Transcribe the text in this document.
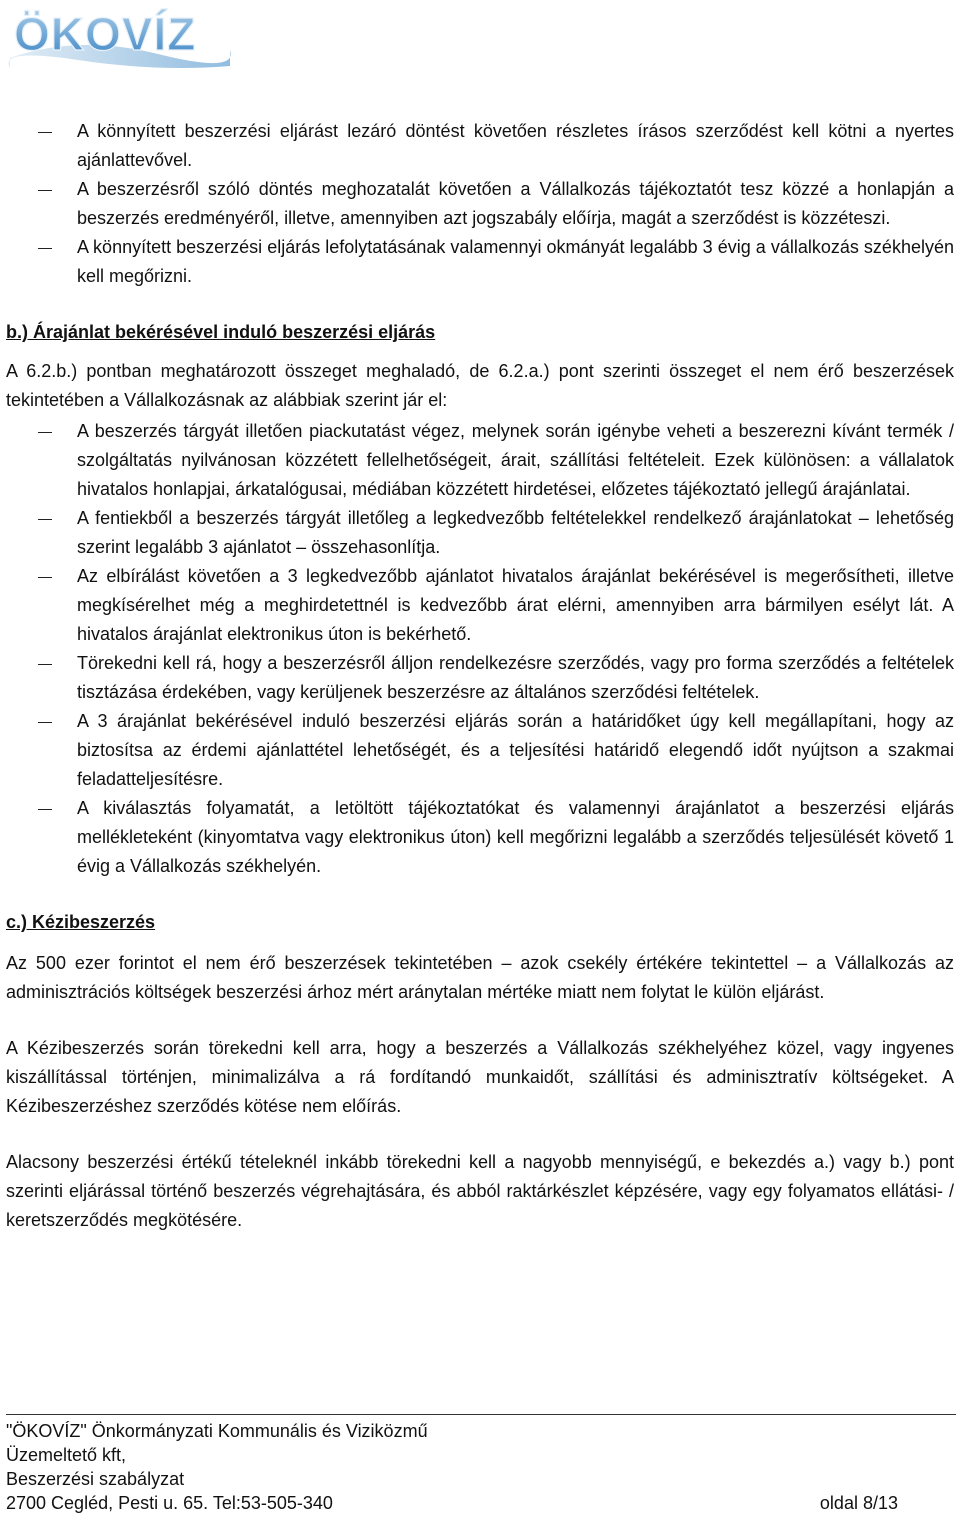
ÖKOVÍZ
A könnyített beszerzési eljárást lezáró döntést követően részletes írásos szerződést kell kötni a nyertes ajánlattevővel.
A beszerzésről szóló döntés meghozatalát követően a Vállalkozás tájékoztatót tesz közzé a honlapján a beszerzés eredményéről, illetve, amennyiben azt jogszabály előírja, magát a szerződést is közzéteszi.
A könnyített beszerzési eljárás lefolytatásának valamennyi okmányát legalább 3 évig a vállalkozás székhelyén kell megőrizni.

b.) Árajánlat bekérésével induló beszerzési eljárás

A 6.2.b.) pontban meghatározott összeget meghaladó, de 6.2.a.) pont szerinti összeget el nem érő beszerzések tekintetében a Vállalkozásnak az alábbiak szerint jár el:

A beszerzés tárgyát illetően piackutatást végez, melynek során igénybe veheti a beszerezni kívánt termék / szolgáltatás nyilvánosan közzétett fellelhetőségeit, árait, szállítási feltételeit. Ezek különösen: a vállalatok hivatalos honlapjai, árkatalógusai, médiában közzétett hirdetései, előzetes tájékoztató jellegű árajánlatai.
A fentiekből a beszerzés tárgyát illetőleg a legkedvezőbb feltételekkel rendelkező árajánlatokat – lehetőség szerint legalább 3 ajánlatot – összehasonlítja.
Az elbírálást követően a 3 legkedvezőbb ajánlatot hivatalos árajánlat bekérésével is megerősítheti, illetve megkísérelhet még a meghirdetettnél is kedvezőbb árat elérni, amennyiben arra bármilyen esélyt lát. A hivatalos árajánlat elektronikus úton is bekérhető.
Törekedni kell rá, hogy a beszerzésről álljon rendelkezésre szerződés, vagy pro forma szerződés a feltételek tisztázása érdekében, vagy kerüljenek beszerzésre az általános szerződési feltételek.
A 3 árajánlat bekérésével induló beszerzési eljárás során a határidőket úgy kell megállapítani, hogy az biztosítsa az érdemi ajánlattétel lehetőségét, és a teljesítési határidő elegendő időt nyújtson a szakmai feladatteljesítésre.
A kiválasztás folyamatát, a letöltött tájékoztatókat és valamennyi árajánlatot a beszerzési eljárás mellékleteként (kinyomtatva vagy elektronikus úton) kell megőrizni legalább a szerződés teljesülését követő 1 évig a Vállalkozás székhelyén.

c.) Kézibeszerzés

Az 500 ezer forintot el nem érő beszerzések tekintetében – azok csekély értékére tekintettel – a Vállalkozás az adminisztrációs költségek beszerzési árhoz mért aránytalan mértéke miatt nem folytat le külön eljárást.

A Kézibeszerzés során törekedni kell arra, hogy a beszerzés a Vállalkozás székhelyéhez közel, vagy ingyenes kiszállítással történjen, minimalizálva a rá fordítandó munkaidőt, szállítási és adminisztratív költségeket. A Kézibeszerzéshez szerződés kötése nem előírás.

Alacsony beszerzési értékű tételeknél inkább törekedni kell a nagyobb mennyiségű, e bekezdés a.) vagy b.) pont szerinti eljárással történő beszerzés végrehajtására, és abból raktárkészlet képzésére, vagy egy folyamatos ellátási- / keretszerződés megkötésére.

"ÖKOVÍZ" Önkormányzati Kommunális és Viziközmű
Üzemeltető kft,
Beszerzési szabályzat
2700 Cegléd, Pesti u. 65. Tel:53-505-340	oldal 8/13
